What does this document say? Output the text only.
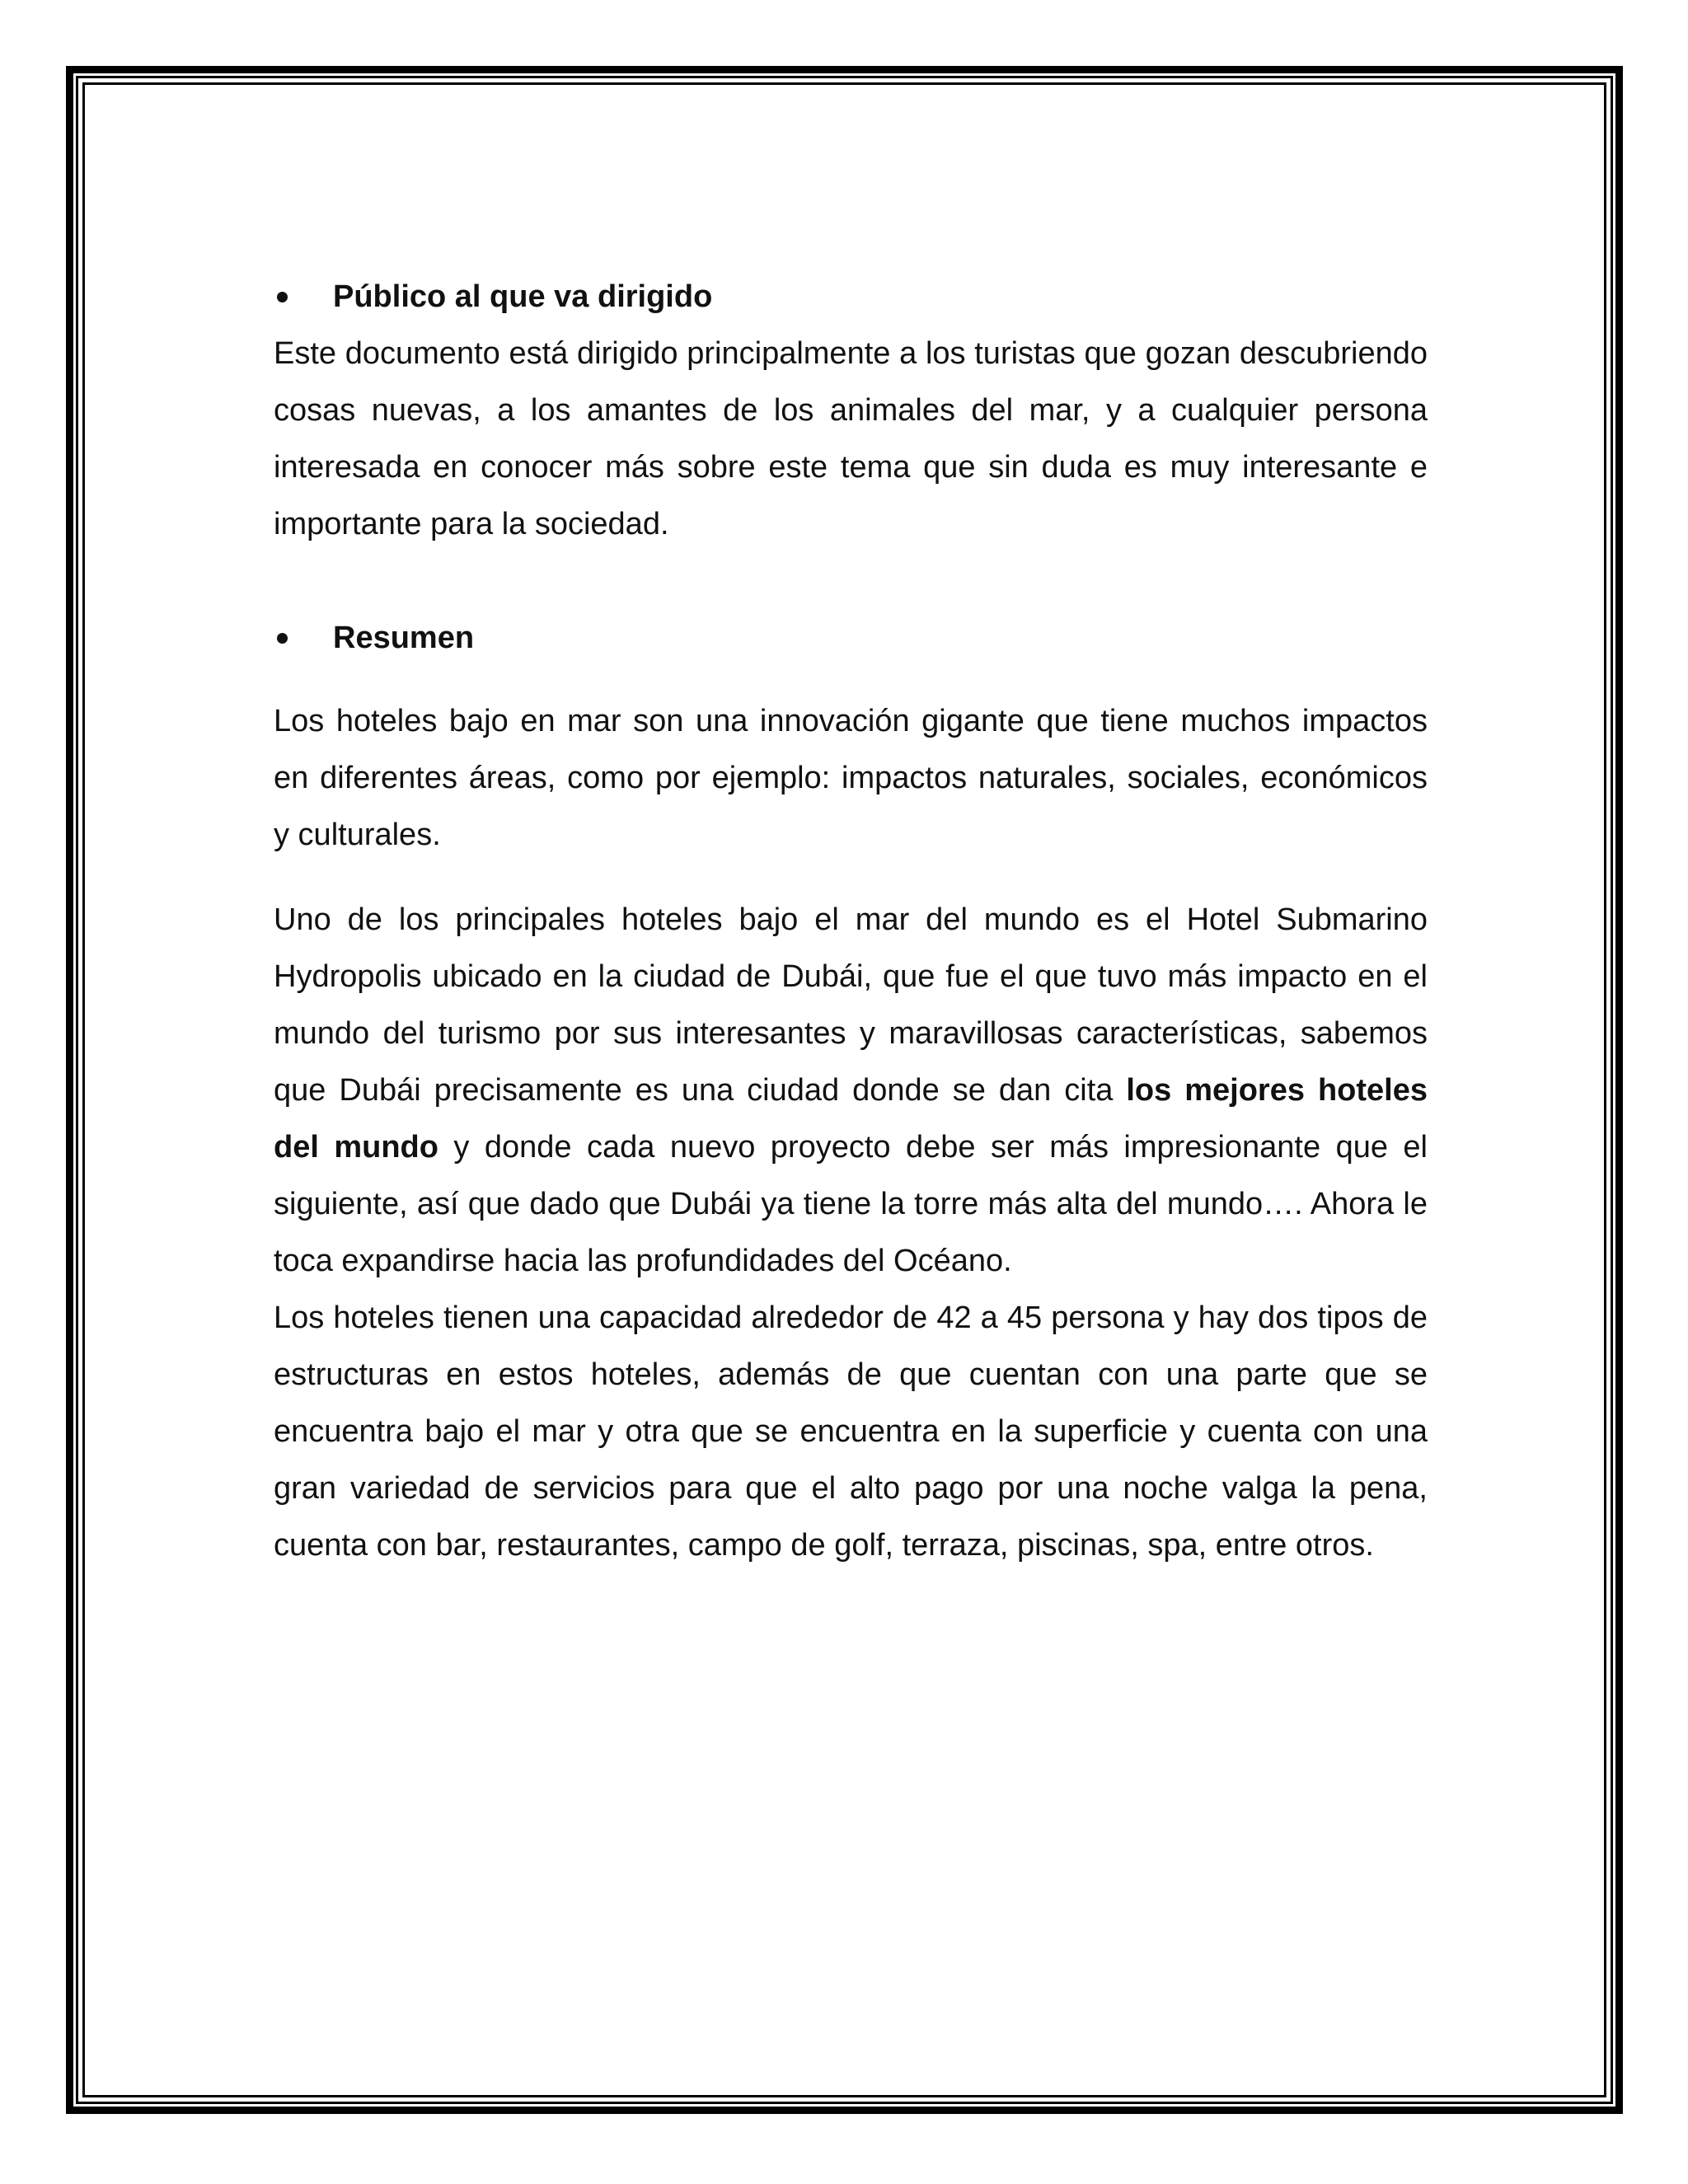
Público al que va dirigido

Este documento está dirigido principalmente a los turistas que gozan descubriendo cosas nuevas, a los amantes de los animales del mar, y a cualquier persona interesada en conocer más sobre este tema que sin duda es muy interesante e importante para la sociedad.

Resumen

Los hoteles bajo en mar son una innovación gigante que tiene muchos impactos en diferentes áreas, como por ejemplo: impactos naturales, sociales, económicos y culturales.

Uno de los principales hoteles bajo el mar del mundo es el Hotel Submarino Hydropolis ubicado en la ciudad de Dubái, que fue el que tuvo más impacto en el mundo del turismo por sus interesantes y maravillosas características, sabemos que Dubái precisamente es una ciudad donde se dan cita los mejores hoteles del mundo y donde cada nuevo proyecto debe ser más impresionante que el siguiente, así que dado que Dubái ya tiene la torre más alta del mundo…. Ahora le toca expandirse hacia las profundidades del Océano.

Los hoteles tienen una capacidad alrededor de 42 a 45 persona y hay dos tipos de estructuras en estos hoteles, además de que cuentan con una parte que se encuentra bajo el mar y otra que se encuentra en la superficie y cuenta con una gran variedad de servicios para que el alto pago por una noche valga la pena, cuenta con bar, restaurantes, campo de golf, terraza, piscinas, spa, entre otros.
